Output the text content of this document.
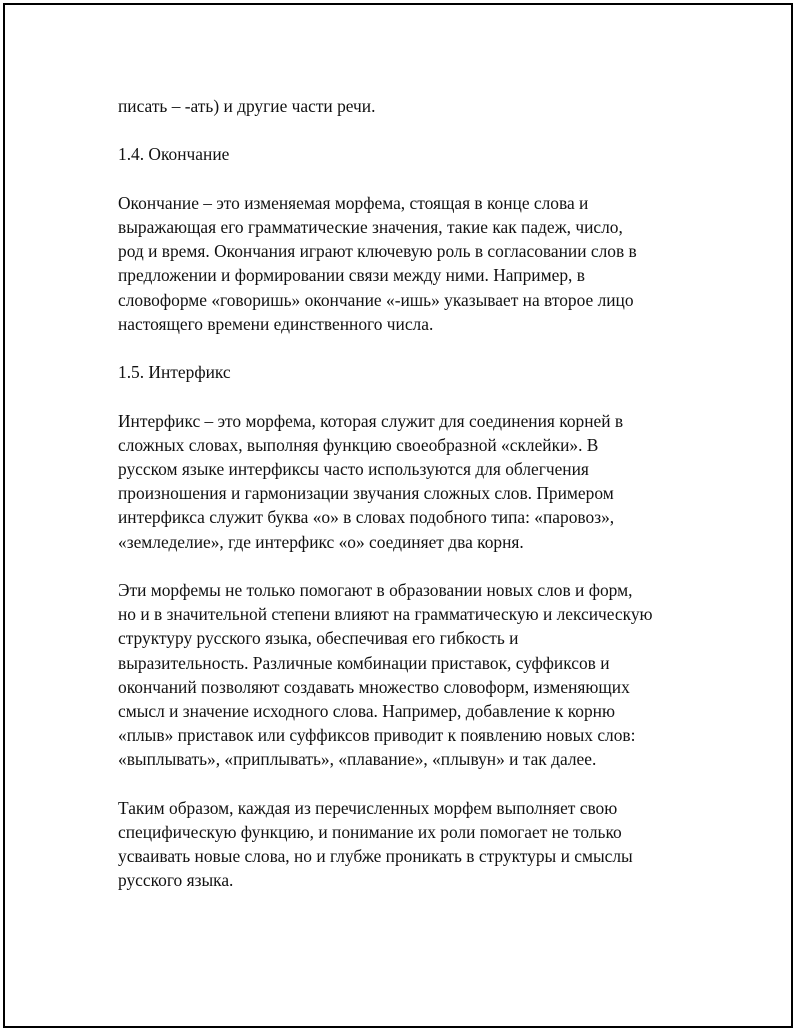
писать – -ать) и другие части речи.

1.4. Окончание

Окончание – это изменяемая морфема, стоящая в конце слова и
выражающая его грамматические значения, такие как падеж, число,
род и время. Окончания играют ключевую роль в согласовании слов в
предложении и формировании связи между ними. Например, в
словоформе «говоришь» окончание «-ишь» указывает на второе лицо
настоящего времени единственного числа.

1.5. Интерфикс

Интерфикс – это морфема, которая служит для соединения корней в
сложных словах, выполняя функцию своеобразной «склейки». В
русском языке интерфиксы часто используются для облегчения
произношения и гармонизации звучания сложных слов. Примером
интерфикса служит буква «о» в словах подобного типа: «паровоз»,
«земледелие», где интерфикс «о» соединяет два корня.

Эти морфемы не только помогают в образовании новых слов и форм,
но и в значительной степени влияют на грамматическую и лексическую
структуру русского языка, обеспечивая его гибкость и
выразительность. Различные комбинации приставок, суффиксов и
окончаний позволяют создавать множество словоформ, изменяющих
смысл и значение исходного слова. Например, добавление к корню
«плыв» приставок или суффиксов приводит к появлению новых слов:
«выплывать», «приплывать», «плавание», «плывун» и так далее.

Таким образом, каждая из перечисленных морфем выполняет свою
специфическую функцию, и понимание их роли помогает не только
усваивать новые слова, но и глубже проникать в структуры и смыслы
русского языка.
